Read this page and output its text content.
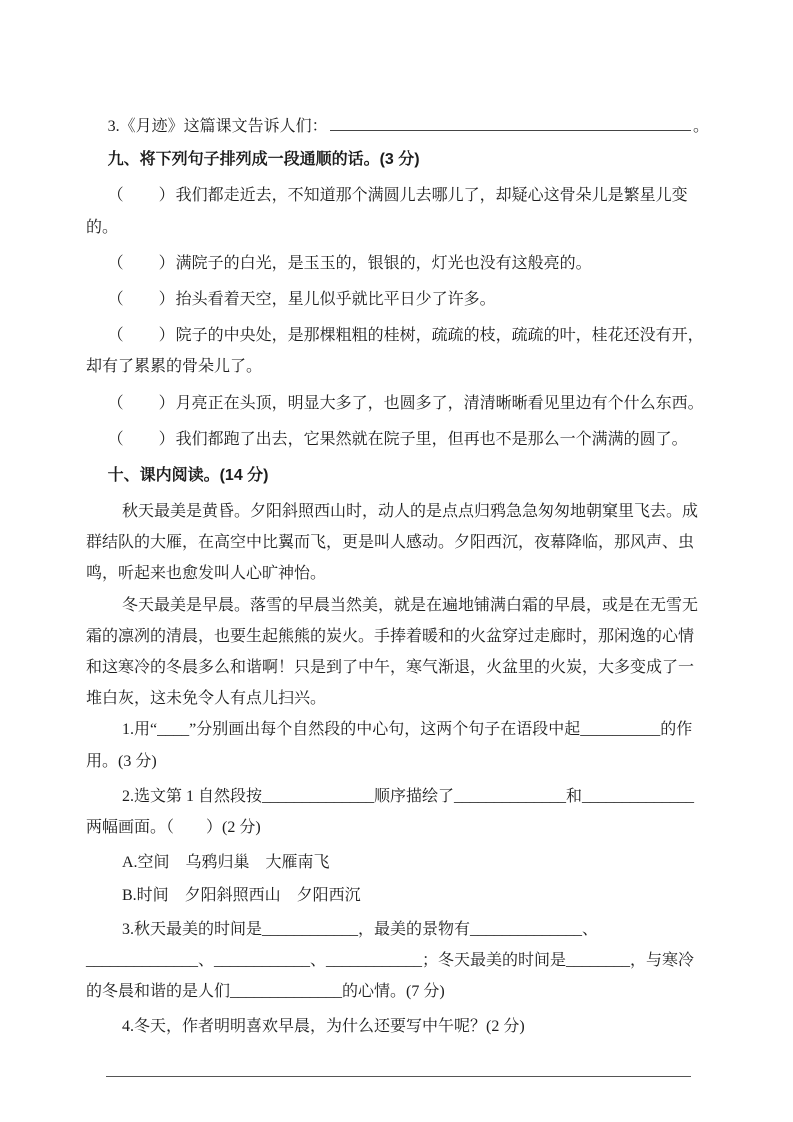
3.《月迹》这篇课文告诉人们：	。
九、将下列句子排列成一段通顺的话。(3 分)

（　　）我们都走近去，不知道那个满圆儿去哪儿了，却疑心这骨朵儿是繁星儿变的。

（　　）满院子的白光，是玉玉的，银银的，灯光也没有这般亮的。

（　　）抬头看着天空，星儿似乎就比平日少了许多。

（　　）院子的中央处，是那棵粗粗的桂树，疏疏的枝，疏疏的叶，桂花还没有开，却有了累累的骨朵儿了。

（　　）月亮正在头顶，明显大多了，也圆多了，清清晰晰看见里边有个什么东西。

（　　）我们都跑了出去，它果然就在院子里，但再也不是那么一个满满的圆了。

十、课内阅读。(14 分)

秋天最美是黄昏。夕阳斜照西山时，动人的是点点归鸦急急匆匆地朝窠里飞去。成群结队的大雁，在高空中比翼而飞，更是叫人感动。夕阳西沉，夜幕降临，那风声、虫鸣，听起来也愈发叫人心旷神怡。

冬天最美是早晨。落雪的早晨当然美，就是在遍地铺满白霜的早晨，或是在无雪无霜的凛冽的清晨，也要生起熊熊的炭火。手捧着暖和的火盆穿过走廊时，那闲逸的心情和这寒冷的冬晨多么和谐啊！只是到了中午，寒气渐退，火盆里的火炭，大多变成了一堆白灰，这未免令人有点儿扫兴。

1.用“____”分别画出每个自然段的中心句，这两个句子在语段中起__________的作用。(3 分)

2.选文第 1 自然段按______________顺序描绘了______________和______________两幅画面。（　　）(2 分)

A.空间　乌鸦归巢　大雁南飞

B.时间　夕阳斜照西山　夕阳西沉

3.秋天最美的时间是____________，最美的景物有______________、______________、____________、____________；冬天最美的时间是________，与寒冷的冬晨和谐的是人们______________的心情。(7 分)

4.冬天，作者明明喜欢早晨，为什么还要写中午呢？(2 分)
